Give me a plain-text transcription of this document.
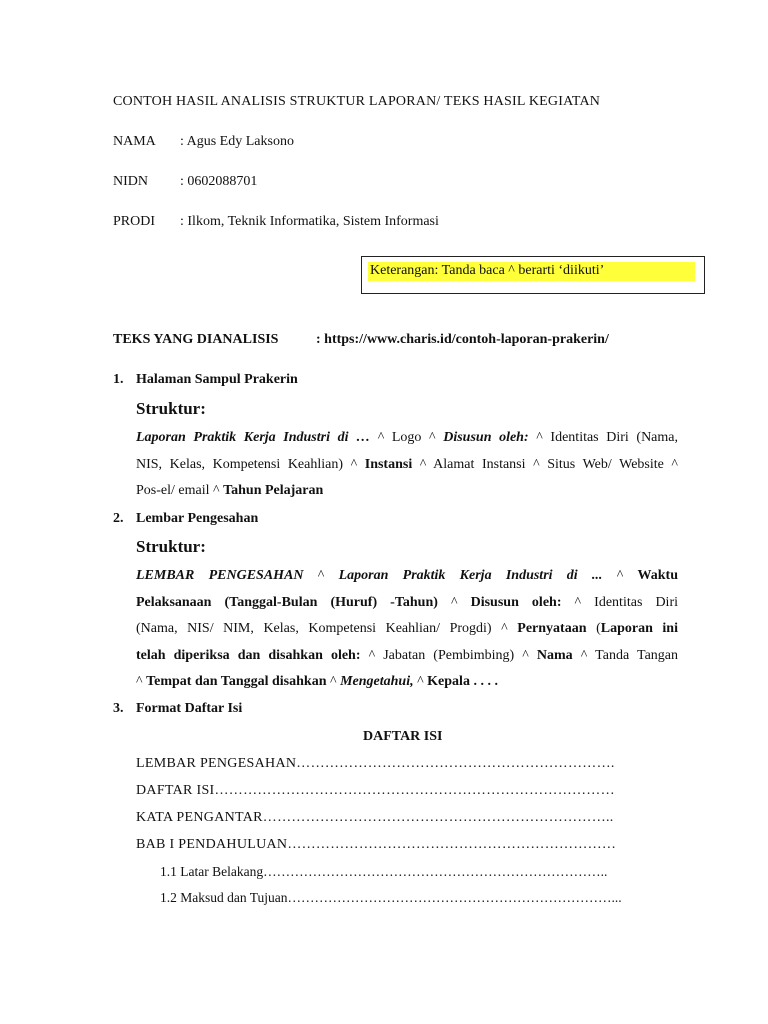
CONTOH HASIL ANALISIS STRUKTUR LAPORAN/ TEKS HASIL KEGIATAN
NAMA : Agus Edy Laksono
NIDN : 0602088701
PRODI : Ilkom, Teknik Informatika, Sistem Informasi
Keterangan: Tanda baca ^ berarti ‘diikuti’
TEKS YANG DIANALISIS	: https://www.charis.id/contoh-laporan-prakerin/
1. Halaman Sampul Prakerin
Struktur:
Laporan Praktik Kerja Industri di … ^ Logo ^ Disusun oleh: ^ Identitas Diri (Nama,
NIS, Kelas, Kompetensi Keahlian) ^ Instansi ^ Alamat Instansi ^ Situs Web/ Website ^
Pos-el/ email ^ Tahun Pelajaran
2. Lembar Pengesahan
Struktur:
LEMBAR PENGESAHAN ^ Laporan Praktik Kerja Industri di ... ^ Waktu
Pelaksanaan (Tanggal-Bulan (Huruf) -Tahun) ^ Disusun oleh: ^ Identitas Diri
(Nama, NIS/ NIM, Kelas, Kompetensi Keahlian/ Progdi) ^ Pernyataan (Laporan ini
telah diperiksa dan disahkan oleh: ^ Jabatan (Pembimbing) ^ Nama ^ Tanda Tangan
^ Tempat dan Tanggal disahkan ^ Mengetahui, ^ Kepala . . . .
3. Format Daftar Isi
DAFTAR ISI
LEMBAR PENGESAHAN………………………………………………………….
DAFTAR ISI…………………………………………………………………………
KATA PENGANTAR………………………………………………………………..
BAB I PENDAHULUAN……………………………………………………………
1.1 Latar Belakang…………………………………………………………………..
1.2 Maksud dan Tujuan………………………………………………………………...
